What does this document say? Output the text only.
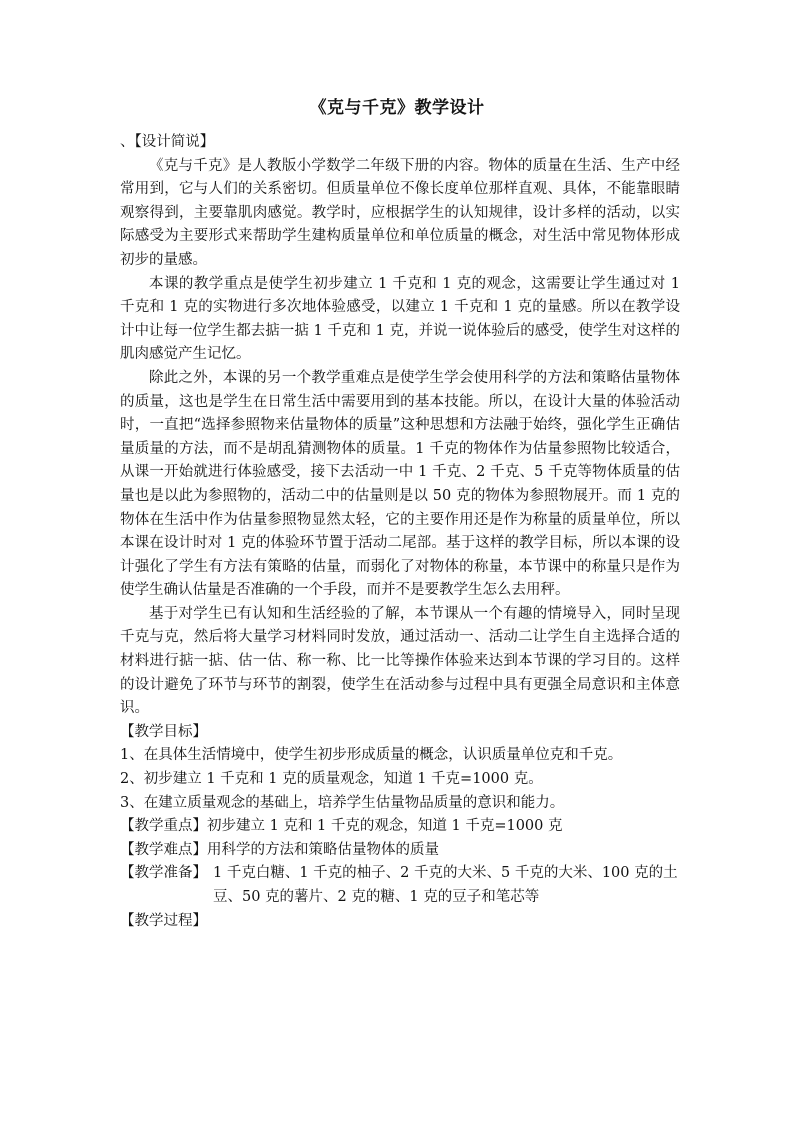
《克与千克》教学设计

、【设计简说】

《克与千克》是人教版小学数学二年级下册的内容。物体的质量在生活、生产中经常用到，它与人们的关系密切。但质量单位不像长度单位那样直观、具体，不能靠眼睛观察得到，主要靠肌肉感觉。教学时，应根据学生的认知规律，设计多样的活动，以实际感受为主要形式来帮助学生建构质量单位和单位质量的概念，对生活中常见物体形成初步的量感。

本课的教学重点是使学生初步建立 1 千克和 1 克的观念，这需要让学生通过对 1 千克和 1 克的实物进行多次地体验感受，以建立 1 千克和 1 克的量感。所以在教学设计中让每一位学生都去掂一掂 1 千克和 1 克，并说一说体验后的感受，使学生对这样的肌肉感觉产生记忆。

除此之外，本课的另一个教学重难点是使学生学会使用科学的方法和策略估量物体的质量，这也是学生在日常生活中需要用到的基本技能。所以，在设计大量的体验活动时，一直把“选择参照物来估量物体的质量”这种思想和方法融于始终，强化学生正确估量质量的方法，而不是胡乱猜测物体的质量。1 千克的物体作为估量参照物比较适合，从课一开始就进行体验感受，接下去活动一中 1 千克、2 千克、5 千克等物体质量的估量也是以此为参照物的，活动二中的估量则是以 50 克的物体为参照物展开。而 1 克的物体在生活中作为估量参照物显然太轻，它的主要作用还是作为称量的质量单位，所以本课在设计时对 1 克的体验环节置于活动二尾部。基于这样的教学目标，所以本课的设计强化了学生有方法有策略的估量，而弱化了对物体的称量，本节课中的称量只是作为使学生确认估量是否准确的一个手段，而并不是要教学生怎么去用秤。

基于对学生已有认知和生活经验的了解，本节课从一个有趣的情境导入，同时呈现千克与克，然后将大量学习材料同时发放，通过活动一、活动二让学生自主选择合适的材料进行掂一掂、估一估、称一称、比一比等操作体验来达到本节课的学习目的。这样的设计避免了环节与环节的割裂，使学生在活动参与过程中具有更强全局意识和主体意识。

【教学目标】

1、在具体生活情境中，使学生初步形成质量的概念，认识质量单位克和千克。

2、初步建立 1 千克和 1 克的质量观念，知道 1 千克=1000 克。

3、在建立质量观念的基础上，培养学生估量物品质量的意识和能力。

【教学重点】初步建立 1 克和 1 千克的观念，知道 1 千克=1000 克

【教学难点】用科学的方法和策略估量物体的质量

【教学准备】 1 千克白糖、1 千克的柚子、2 千克的大米、5 千克的大米、100 克的土豆、50 克的薯片、2 克的糖、1 克的豆子和笔芯等

【教学过程】
